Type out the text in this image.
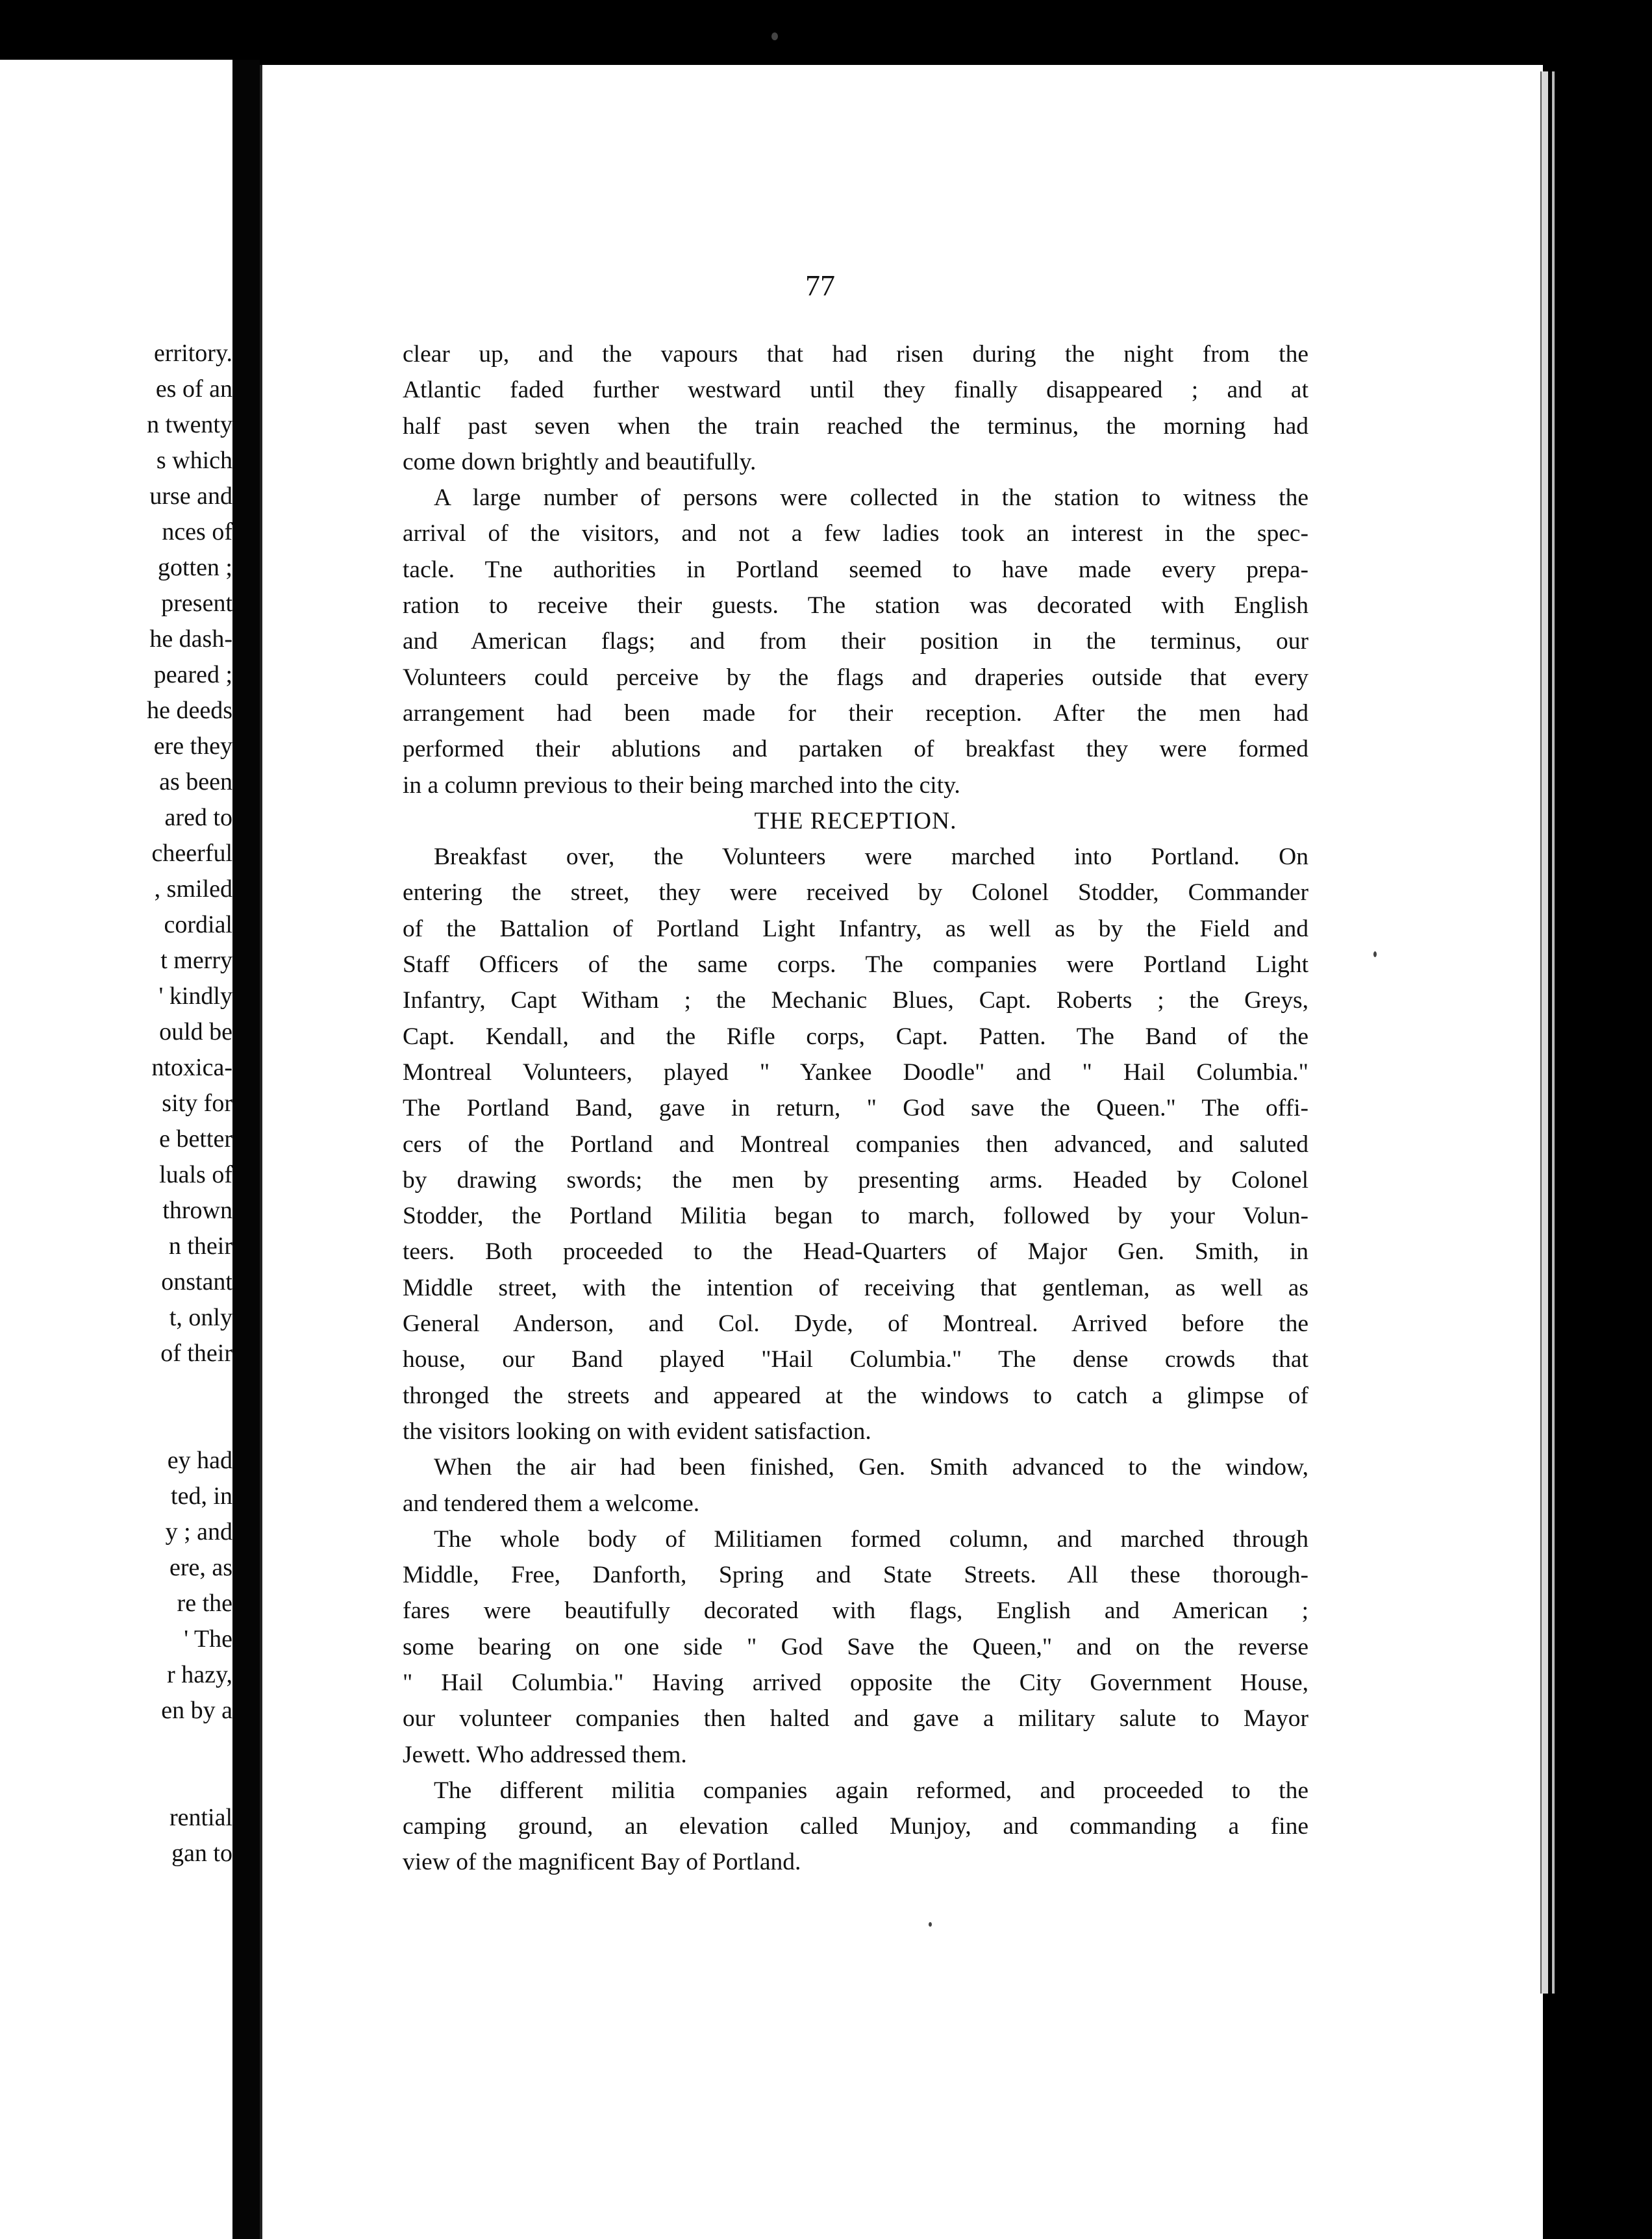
erritory.
es of an
n twenty
s which
urse and
nces of
gotten ;
present
he dash-
peared ;
he deeds
ere they
as been
ared to
cheerful
, smiled
cordial
t merry
' kindly
ould be
ntoxica-
sity for
e better
luals of
thrown
n their
onstant
t, only
of their
ey had
ted, in
y ; and
ere, as
re the
' The
r hazy,
en by a
rential
gan to
77
clear up, and the vapours that had risen during the night from the
Atlantic faded further westward until they finally disappeared ; and at
half past seven when the train reached the terminus, the morning had
come down brightly and beautifully.
A large number of persons were collected in the station to witness the
arrival of the visitors, and not a few ladies took an interest in the spec-
tacle. Tne authorities in Portland seemed to have made every prepa-
ration to receive their guests. The station was decorated with English
and American flags; and from their position in the terminus, our
Volunteers could perceive by the flags and draperies outside that every
arrangement had been made for their reception. After the men had
performed their ablutions and partaken of breakfast they were formed
in a column previous to their being marched into the city.
THE RECEPTION.
Breakfast over, the Volunteers were marched into Portland. On
entering the street, they were received by Colonel Stodder, Commander
of the Battalion of Portland Light Infantry, as well as by the Field and
Staff Officers of the same corps. The companies were Portland Light
Infantry, Capt Witham ; the Mechanic Blues, Capt. Roberts ; the Greys,
Capt. Kendall, and the Rifle corps, Capt. Patten. The Band of the
Montreal Volunteers, played " Yankee Doodle" and " Hail Columbia."
The Portland Band, gave in return, " God save the Queen." The offi-
cers of the Portland and Montreal companies then advanced, and saluted
by drawing swords; the men by presenting arms. Headed by Colonel
Stodder, the Portland Militia began to march, followed by your Volun-
teers. Both proceeded to the Head-Quarters of Major Gen. Smith, in
Middle street, with the intention of receiving that gentleman, as well as
General Anderson, and Col. Dyde, of Montreal. Arrived before the
house, our Band played "Hail Columbia." The dense crowds that
thronged the streets and appeared at the windows to catch a glimpse of
the visitors looking on with evident satisfaction.
When the air had been finished, Gen. Smith advanced to the window,
and tendered them a welcome.
The whole body of Militiamen formed column, and marched through
Middle, Free, Danforth, Spring and State Streets. All these thorough-
fares were beautifully decorated with flags, English and American ;
some bearing on one side " God Save the Queen," and on the reverse
" Hail Columbia." Having arrived opposite the City Government House,
our volunteer companies then halted and gave a military salute to Mayor
Jewett. Who addressed them.
The different militia companies again reformed, and proceeded to the
camping ground, an elevation called Munjoy, and commanding a fine
view of the magnificent Bay of Portland.
